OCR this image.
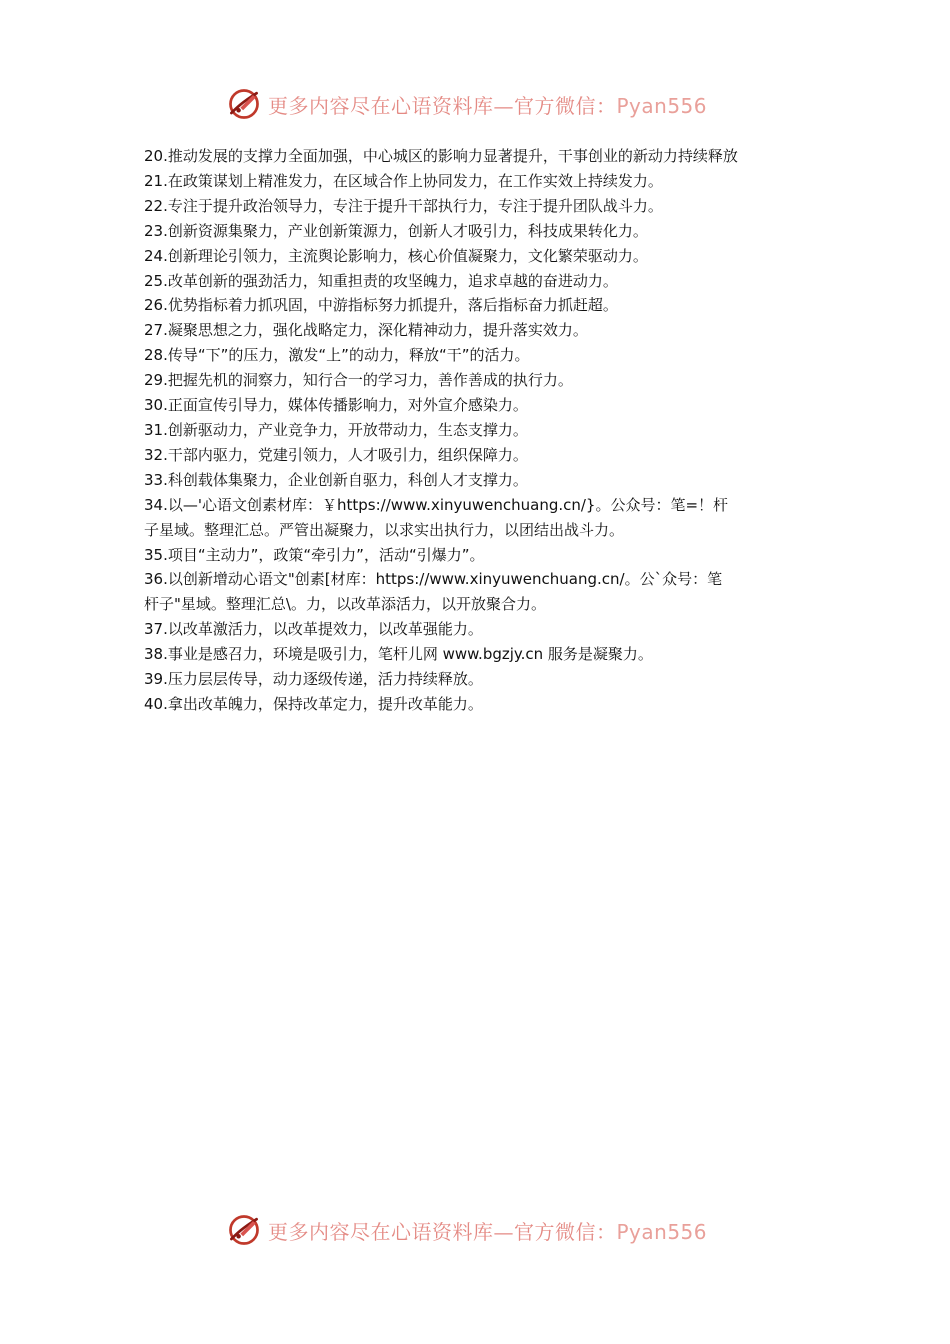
更多内容尽在心语资料库—官方微信：Pyan556

20.推动发展的支撑力全面加强，中心城区的影响力显著提升，干事创业的新动力持续释放

21.在政策谋划上精准发力，在区域合作上协同发力，在工作实效上持续发力。

22.专注于提升政治领导力，专注于提升干部执行力，专注于提升团队战斗力。

23.创新资源集聚力，产业创新策源力，创新人才吸引力，科技成果转化力。

24.创新理论引领力，主流舆论影响力，核心价值凝聚力，文化繁荣驱动力。

25.改革创新的强劲活力，知重担责的攻坚魄力，追求卓越的奋进动力。

26.优势指标着力抓巩固，中游指标努力抓提升，落后指标奋力抓赶超。

27.凝聚思想之力，强化战略定力，深化精神动力，提升落实效力。

28.传导“下”的压力，激发“上”的动力，释放“干”的活力。

29.把握先机的洞察力，知行合一的学习力，善作善成的执行力。

30.正面宣传引导力，媒体传播影响力，对外宣介感染力。

31.创新驱动力，产业竞争力，开放带动力，生态支撑力。

32.干部内驱力，党建引领力，人才吸引力，组织保障力。

33.科创载体集聚力，企业创新自驱力，科创人才支撑力。

34.以—'心语文创素材库：￥https://www.xinyuwenchuang.cn/}。公众号：笔=！杆

子星域。整理汇总。严管出凝聚力，以求实出执行力，以团结出战斗力。

35.项目“主动力”，政策“牵引力”，活动“引爆力”。

36.以创新增动心语文"创素[材库：https://www.xinyuwenchuang.cn/。公`众号：笔

杆子"星域。整理汇总\。力，以改革添活力，以开放聚合力。

37.以改革激活力，以改革提效力，以改革强能力。

38.事业是感召力，环境是吸引力，笔杆儿网 www.bgzjy.cn 服务是凝聚力。

39.压力层层传导，动力逐级传递，活力持续释放。

40.拿出改革魄力，保持改革定力，提升改革能力。

更多内容尽在心语资料库—官方微信：Pyan556
